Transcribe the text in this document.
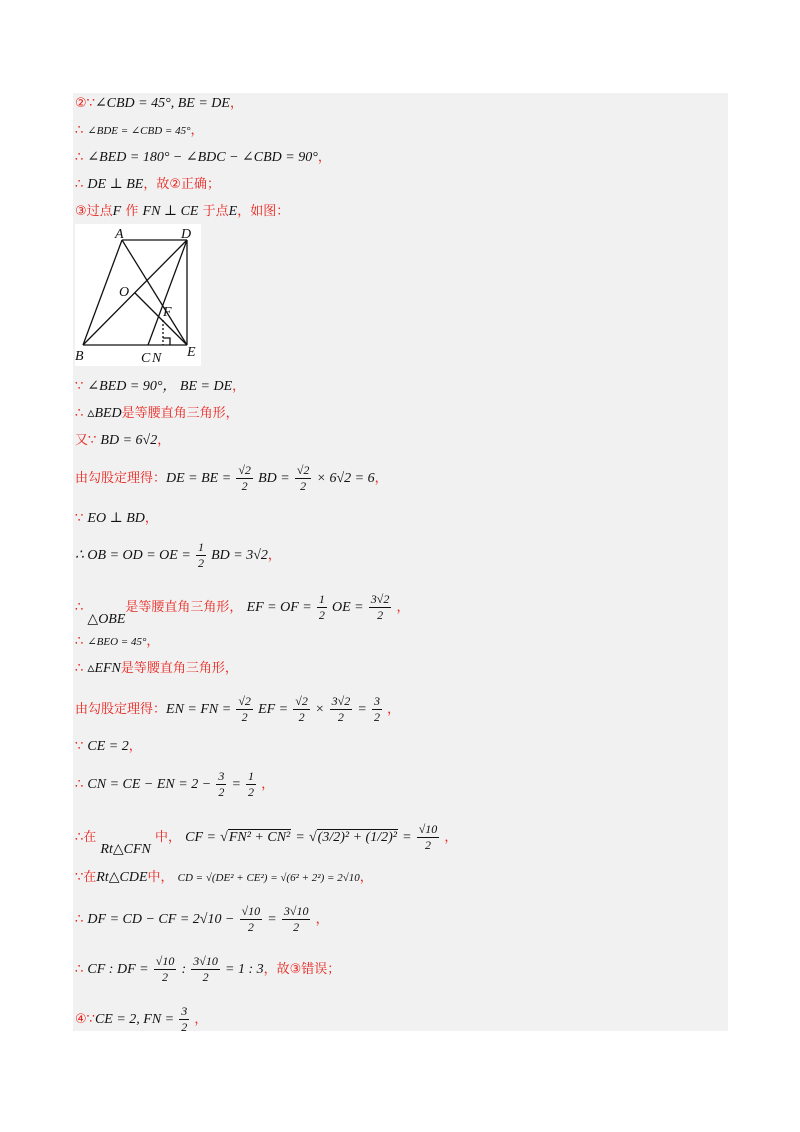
②∵∠CBD = 45°, BE = DE，
∴ ∠BDE = ∠CBD = 45°，
∴ ∠BED = 180° − ∠BDC − ∠CBD = 90°，
∴ DE ⊥ BE，故②正确；
③过点F 作 FN ⊥ CE 于点E，如图：
A	D
O
F
B	C N E
∵ ∠BED = 90°， BE = DE，
∴ ▵BED是等腰直角三角形，
又∵ BD = 6√2，
由勾股定理得：DE = BE = $\frac{√2}{2}$ BD = $\frac{√2}{2} \times 6√2 = 6$，
∵ EO ⊥ BD，
∴ OB = OD = OE = $\frac{1}{2}$ BD = 3√2，
∴ △OBE是等腰直角三角形， EF = OF = $\frac{1}{2}$ OE = $\frac{3√2}{2}$ ，
∴ ∠BEO = 45°，
∴ ▵EFN是等腰直角三角形，
由勾股定理得：EN = FN = $\frac{√2}{2}$ EF = $\frac{√2}{2} \times \frac{3√2}{2} = \frac{3}{2}$ ，
∵ CE = 2，
∴ CN = CE − EN = $2 - \frac{3}{2} = \frac{1}{2}$ ，
∴在 Rt△CFN 中， CF = $√FN^2 + CN^2 = √(3/2)^2 + (1/2)^2 = \frac{√10}{2}$ ，
∵在Rt△CDE中， CD = √(DE² + CE²) = √(6² + 2²) = 2√10，
∴ DF = CD − CF = $2√10 - \frac{√10}{2} = \frac{3√10}{2}$ ，
∴ CF : DF = $\frac{√10}{2}$ : $\frac{3√10}{2} = 1$ : 3，故③错误；
④∵CE = 2, FN = $\frac{3}{2}$ ，
